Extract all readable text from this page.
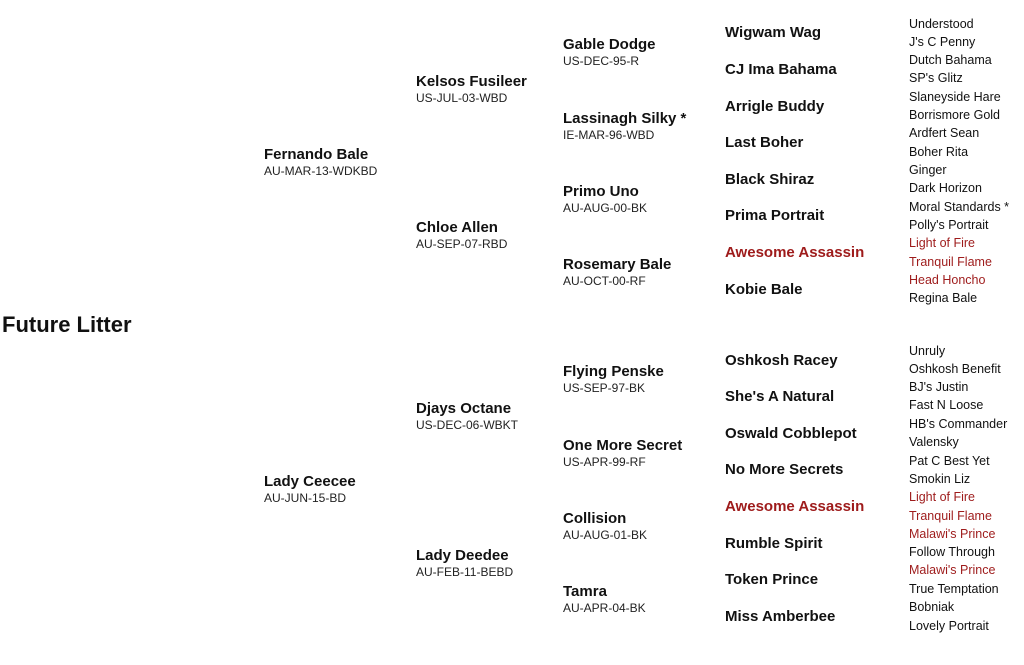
Future Litter
Fernando Bale
AU-MAR-13-WDKBD
Lady Ceecee
AU-JUN-15-BD
Kelsos Fusileer
US-JUL-03-WBD
Chloe Allen
AU-SEP-07-RBD
Djays Octane
US-DEC-06-WBKT
Lady Deedee
AU-FEB-11-BEBD
Gable Dodge
US-DEC-95-R
Lassinagh Silky *
IE-MAR-96-WBD
Primo Uno
AU-AUG-00-BK
Rosemary Bale
AU-OCT-00-RF
Flying Penske
US-SEP-97-BK
One More Secret
US-APR-99-RF
Collision
AU-AUG-01-BK
Tamra
AU-APR-04-BK
Wigwam Wag
CJ Ima Bahama
Arrigle Buddy
Last Boher
Black Shiraz
Prima Portrait
Awesome Assassin
Kobie Bale
Oshkosh Racey
She's A Natural
Oswald Cobblepot
No More Secrets
Awesome Assassin
Rumble Spirit
Token Prince
Miss Amberbee
Understood
J's C Penny
Dutch Bahama
SP's Glitz
Slaneyside Hare
Borrismore Gold
Ardfert Sean
Boher Rita
Ginger
Dark Horizon
Moral Standards *
Polly's Portrait
Light of Fire
Tranquil Flame
Head Honcho
Regina Bale
Unruly
Oshkosh Benefit
BJ's Justin
Fast N Loose
HB's Commander
Valensky
Pat C Best Yet
Smokin Liz
Light of Fire
Tranquil Flame
Malawi's Prince
Follow Through
Malawi's Prince
True Temptation
Bobniak
Lovely Portrait
